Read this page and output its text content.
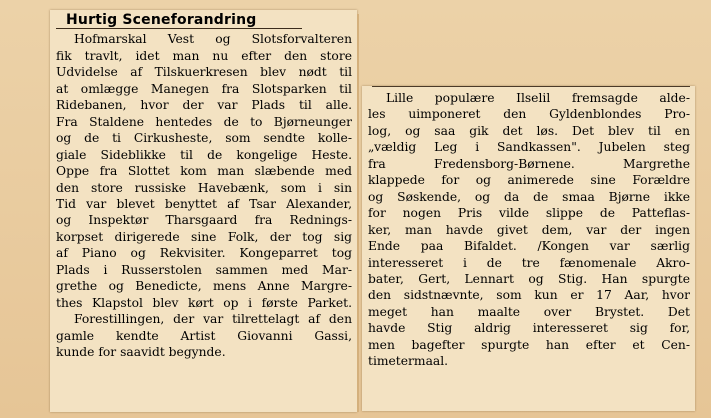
Hurtig Sceneforandring
Hofmarskal Vest og Slotsforvalteren
fik travlt, idet man nu efter den store
Udvidelse af Tilskuerkresen blev nødt til
at omlægge Manegen fra Slotsparken til
Ridebanen, hvor der var Plads til alle.
Fra Staldene hentedes de to Bjørneunger
og de ti Cirkusheste, som sendte kolle-
giale Sideblikke til de kongelige Heste.
Oppe fra Slottet kom man slæbende med
den store russiske Havebænk, som i sin
Tid var blevet benyttet af Tsar Alexander,
og Inspektør Tharsgaard fra Rednings-
korpset dirigerede sine Folk, der tog sig
af Piano og Rekvisiter. Kongeparret tog
Plads i Russerstolen sammen med Mar-
grethe og Benedicte, mens Anne Margre-
thes Klapstol blev kørt op i første Parket.
Forestillingen, der var tilrettelagt af den
gamle kendte Artist Giovanni Gassi,
kunde for saavidt begynde.
Lille populære Ilselil fremsagde alde-
les uimponeret den Gyldenblondes Pro-
log, og saa gik det løs. Det blev til en
„vældig Leg i Sandkassen". Jubelen steg
fra Fredensborg-Børnene. Margrethe
klappede for og animerede sine Forældre
og Søskende, og da de smaa Bjørne ikke
for nogen Pris vilde slippe de Patteflas-
ker, man havde givet dem, var der ingen
Ende paa Bifaldet. /Kongen var særlig
interesseret i de tre fænomenale Akro-
bater, Gert, Lennart og Stig. Han spurgte
den sidstnævnte, som kun er 17 Aar, hvor
meget han maalte over Brystet. Det
havde Stig aldrig interesseret sig for,
men bagefter spurgte han efter et Cen-
timetermaal.
